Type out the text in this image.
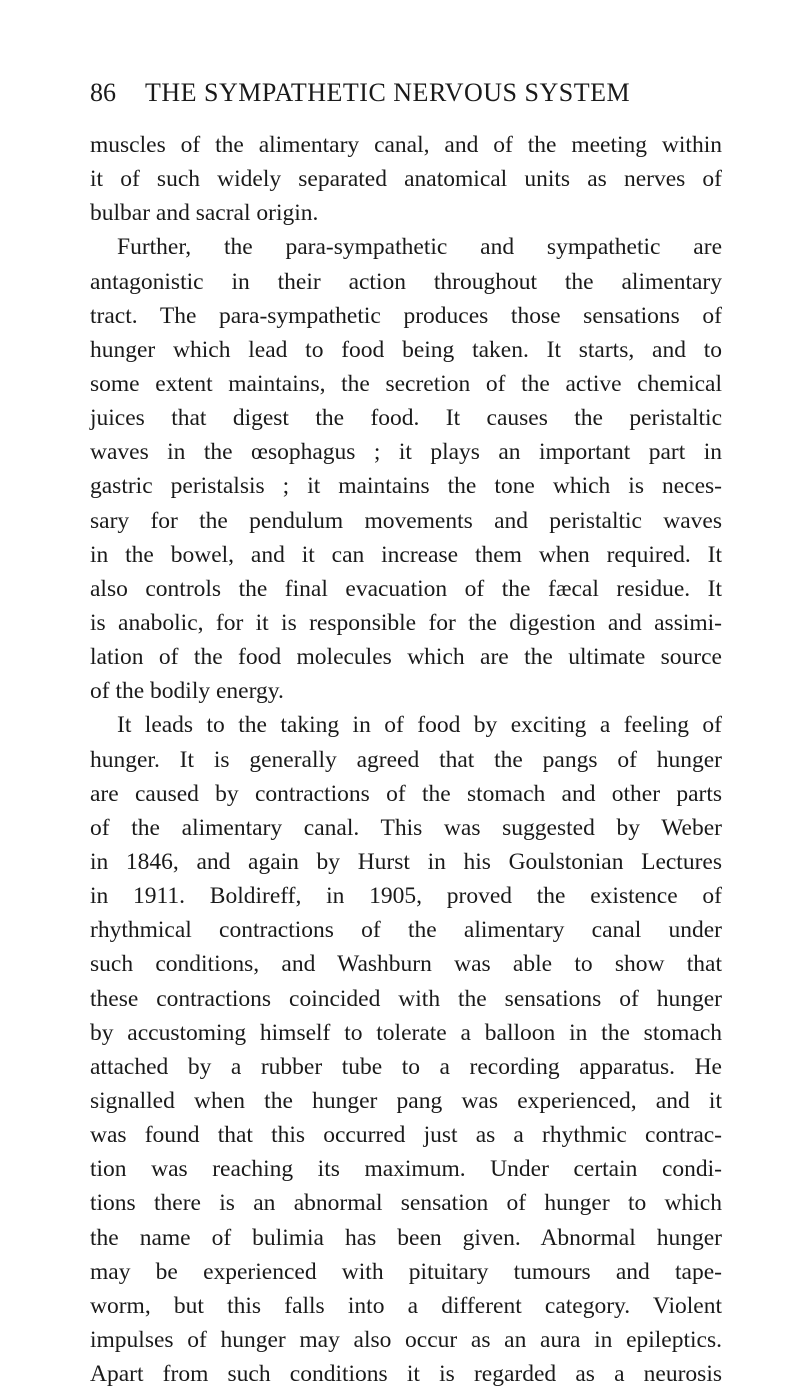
86 THE SYMPATHETIC NERVOUS SYSTEM
muscles of the alimentary canal, and of the meeting within
it of such widely separated anatomical units as nerves of
bulbar and sacral origin.
Further, the para-sympathetic and sympathetic are
antagonistic in their action throughout the alimentary
tract. The para-sympathetic produces those sensations of
hunger which lead to food being taken. It starts, and to
some extent maintains, the secretion of the active chemical
juices that digest the food. It causes the peristaltic
waves in the œsophagus ; it plays an important part in
gastric peristalsis ; it maintains the tone which is neces-
sary for the pendulum movements and peristaltic waves
in the bowel, and it can increase them when required. It
also controls the final evacuation of the fæcal residue. It
is anabolic, for it is responsible for the digestion and assimi-
lation of the food molecules which are the ultimate source
of the bodily energy.
It leads to the taking in of food by exciting a feeling of
hunger. It is generally agreed that the pangs of hunger
are caused by contractions of the stomach and other parts
of the alimentary canal. This was suggested by Weber
in 1846, and again by Hurst in his Goulstonian Lectures
in 1911. Boldireff, in 1905, proved the existence of
rhythmical contractions of the alimentary canal under
such conditions, and Washburn was able to show that
these contractions coincided with the sensations of hunger
by accustoming himself to tolerate a balloon in the stomach
attached by a rubber tube to a recording apparatus. He
signalled when the hunger pang was experienced, and it
was found that this occurred just as a rhythmic contrac-
tion was reaching its maximum. Under certain condi-
tions there is an abnormal sensation of hunger to which
the name of bulimia has been given. Abnormal hunger
may be experienced with pituitary tumours and tape-
worm, but this falls into a different category. Violent
impulses of hunger may also occur as an aura in epileptics.
Apart from such conditions it is regarded as a neurosis
